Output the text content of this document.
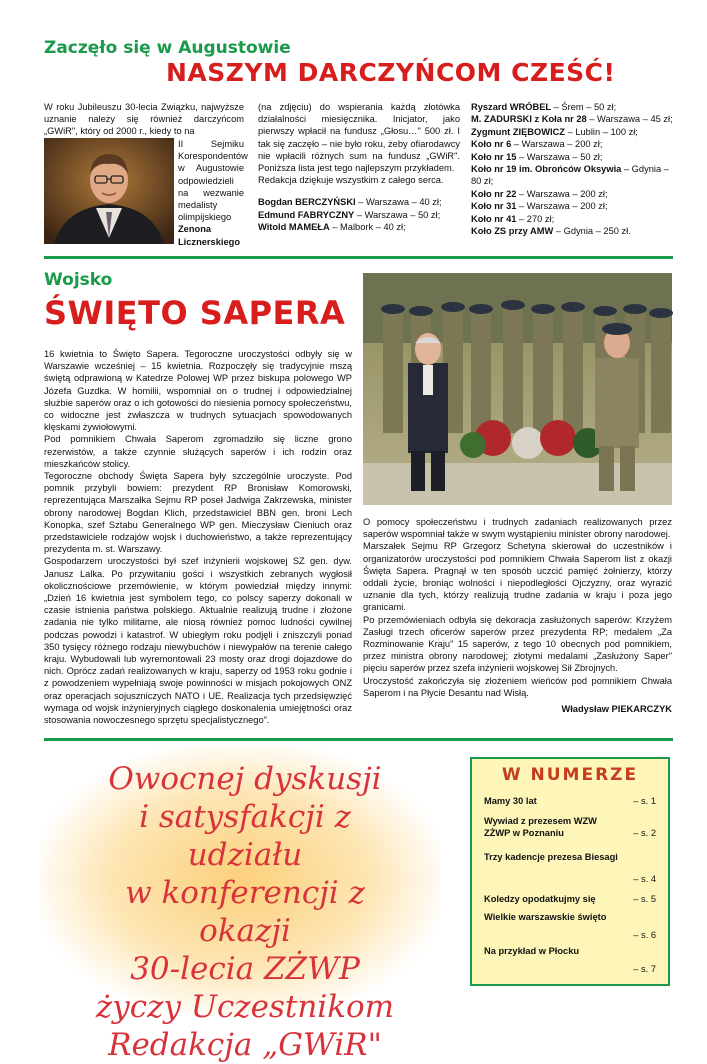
Zaczęło się w Augustowie
NASZYM DARCZYŃCOM CZEŚĆ!
W roku Jubileuszu 30-lecia Związku, najwyższe uznanie należy się również darczyńcom „GWiR", który od 2000 r., kiedy to na
II Sejmiku Korespondentów w Augustowie odpowiedzieli na wezwanie medalisty olimpijskiego Zenona Licznerskiego

(na zdjęciu) do wspierania każdą złotówka działalności miesięcznika. Inicjator, jako pierwszy wpłacił na fundusz „Głosu…" 500 zł. I tak się zaczęło – nie było roku, żeby ofiarodawcy nie wpłacili różnych sum na fundusz „GWiR". Poniższa lista jest tego najlepszym przykładem.

Redakcja dziękuje wszystkim z całego serca.

Bogdan BERCZYŃSKI – Warszawa – 40 zł;
Edmund FABRYCZNY – Warszawa – 50 zł;
Witold MAMEŁA – Malbork – 40 zł;
Ryszard WRÓBEL – Śrem – 50 zł;
M. ZADURSKI z Koła nr 28 – Warszawa – 45 zł;
Zygmunt ZIĘBOWICZ – Lublin – 100 zł;
Koło nr 6 – Warszawa – 200 zł;
Koło nr 15 – Warszawa – 50 zł;
Koło nr 19 im. Obrońców Oksywia – Gdynia – 80 zł;
Koło nr 22 – Warszawa – 200 zł;
Koło nr 31 – Warszawa – 200 zł;
Koło nr 41 – 270 zł;
Koło ZS przy AMW – Gdynia – 250 zł.
Wojsko
ŚWIĘTO SAPERA

16 kwietnia to Święto Sapera. Tegoroczne uroczystości odbyły się w Warszawie wcześniej – 15 kwietnia. Rozpoczęły się tradycyjnie mszą świętą odprawioną w Katedrze Polowej WP przez biskupa polowego WP Józefa Guzdka. W homilii, wspomniał on o trudnej i odpowiedzialnej służbie saperów oraz o ich gotowości do niesienia pomocy społeczeństwu, co widoczne jest zwłaszcza w trudnych sytuacjach spowodowanych klęskami żywiołowymi.

Pod pomnikiem Chwała Saperom zgromadziło się liczne grono rezerwistów, a także czynnie służących saperów i ich rodzin oraz mieszkańców stolicy.

Tegoroczne obchody Święta Sapera były szczególnie uroczyste. Pod pomnik przybyli bowiem: prezydent RP Bronisław Komorowski, reprezentująca Marszałka Sejmu RP poseł Jadwiga Zakrzewska, minister obrony narodowej Bogdan Klich, przedstawiciel BBN gen. broni Lech Konopka, szef Sztabu Generalnego WP gen. Mieczysław Cieniuch oraz przedstawiciele rodzajów wojsk i duchowieństwo, a także reprezentujący prezydenta m. st. Warszawy.

Gospodarzem uroczystości był szef inżynierii wojskowej SZ gen. dyw. Janusz Lalka. Po przywitaniu gości i wszystkich zebranych wygłosił okolicznościowe przemówienie, w którym powiedział między innymi: „Dzień 16 kwietnia jest symbolem tego, co polscy saperzy dokonali w czasie istnienia państwa polskiego. Aktualnie realizują trudne i złożone zadania nie tylko militarne, ale niosą również pomoc ludności cywilnej podczas powodzi i katastrof. W ubiegłym roku podjęli i zniszczyli ponad 350 tysięcy różnego rodzaju niewybuchów i niewypałów na terenie całego kraju. Wybudowali lub wyremontowali 23 mosty oraz drogi dojazdowe do nich. Oprócz zadań realizowanych w kraju, saperzy od 1953 roku godnie i z powodzeniem wypełniają swoje powinności w misjach pokojowych ONZ oraz operacjach sojuszniczych NATO i UE. Realizacja tych przedsięwzięć wymaga od wojsk inżynieryjnych ciągłego doskonalenia umiejętności oraz stosowania nowoczesnego sprzętu specjalistycznego".

O pomocy społeczeństwu i trudnych zadaniach realizowanych przez saperów wspomniał także w swym wystąpieniu minister obrony narodowej.

Marszałek Sejmu RP Grzegorz Schetyna skierował do uczestników i organizatorów uroczystości pod pomnikiem Chwała Saperom list z okazji Święta Sapera. Pragnął w ten sposób uczcić pamięć żołnierzy, którzy oddali życie, broniąc wolności i niepodległości Ojczyzny, oraz wyrazić uznanie dla tych, którzy realizują trudne zadania w kraju i poza jego granicami.

Po przemówieniach odbyła się dekoracja zasłużonych saperów: Krzyżem Zasługi trzech oficerów saperów przez prezydenta RP; medalem „Za Rozminowanie Kraju" 15 saperów, z tego 10 obecnych pod pomnikiem, przez ministra obrony narodowej; złotymi medalami „Zasłużony Saper" pięciu saperów przez szefa inżynierii wojskowej Sił Zbrojnych.

Uroczystość zakończyła się złożeniem wieńców pod pomnikiem Chwała Saperom i na Płycie Desantu nad Wisłą.

Władysław PIEKARCZYK
Owocnej dyskusji
i satysfakcji z udziału
w konferencji z okazji
30-lecia ZŻWP
życzy Uczestnikom
Redakcja „GWiR"
W NUMERZE
Mamy 30 lat	– s. 1
Wywiad z prezesem WZW ZŻWP w Poznaniu	– s. 2
Trzy kadencje prezesa Biesagi
– s. 4
Koledzy opodatkujmy się	– s. 5
Wielkie warszawskie święto
– s. 6
Na przykład w Płocku
– s. 7
